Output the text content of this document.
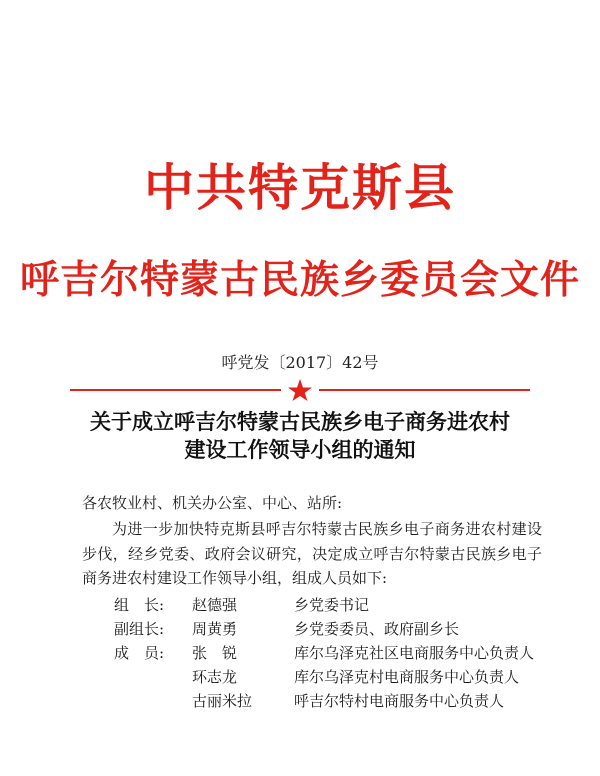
中共特克斯县
呼吉尔特蒙古民族乡委员会文件
呼党发〔2017〕42号
关于成立呼吉尔特蒙古民族乡电子商务进农村
建设工作领导小组的通知
各农牧业村、机关办公室、中心、站所:
为进一步加快特克斯县呼吉尔特蒙古民族乡电子商务进农村建设步伐，经乡党委、政府会议研究，决定成立呼吉尔特蒙古民族乡电子商务进农村建设工作领导小组，组成人员如下:
组　长: 赵德强	乡党委书记
副组长: 周黄勇	乡党委委员、政府副乡长
成　员: 张　锐	库尔乌泽克社区电商服务中心负责人
环志龙	库尔乌泽克村电商服务中心负责人
古丽米拉	呼吉尔特村电商服务中心负责人
